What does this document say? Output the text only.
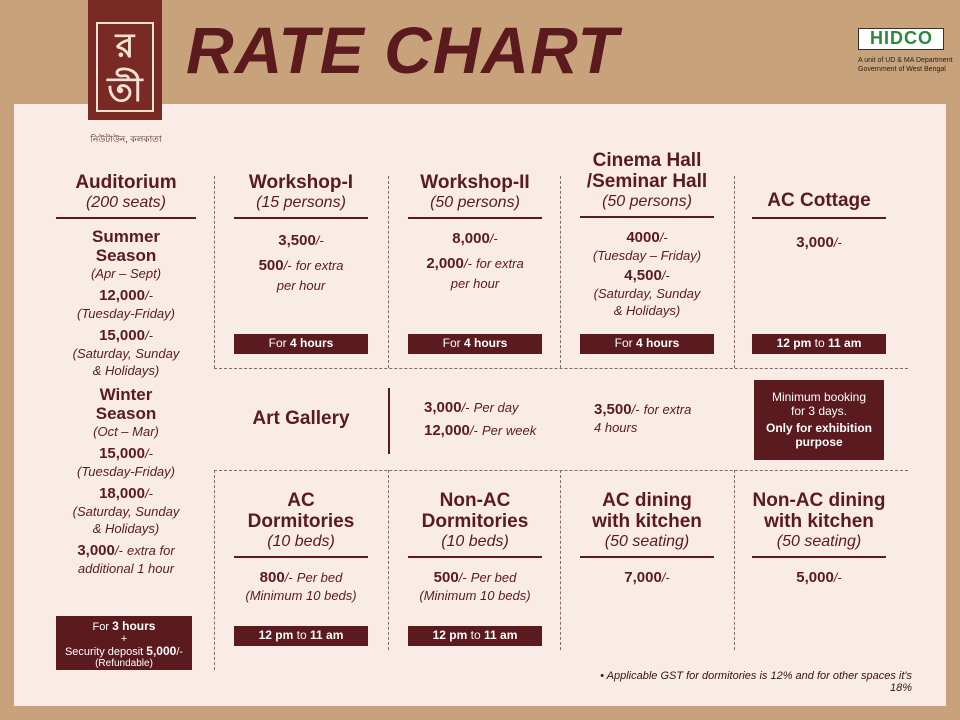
র
তী
নিউটাউন, কলকাতা
RATE CHART	HIDCO
A unit of UD & MA Department
Government of West Bengal
Auditorium
(200 seats)
Summer
Season
(Apr – Sept)
12,000/-
(Tuesday-Friday)
15,000/-
(Saturday, Sunday
& Holidays)
Winter
Season
(Oct – Mar)
15,000/-
(Tuesday-Friday)
18,000/-
(Saturday, Sunday
& Holidays)
3,000/- extra for
additional 1 hour
For 3 hours
+
Security deposit 5,000/-
(Refundable)
Workshop-I
(15 persons)
3,500/-
500/- for extra
per hour
For 4 hours
Workshop-II
(50 persons)
8,000/-
2,000/- for extra
per hour
For 4 hours
Cinema Hall
/Seminar Hall
(50 persons)
4000/-
(Tuesday – Friday)
4,500/-
(Saturday, Sunday
& Holidays)
For 4 hours
AC Cottage
3,000/-
12 pm to 11 am
Art Gallery
3,000/- Per day
12,000/- Per week
3,500/- for extra
4 hours
Minimum booking
for 3 days.
Only for exhibition
purpose
AC
Dormitories
(10 beds)
800/- Per bed
(Minimum 10 beds)
12 pm to 11 am
Non-AC
Dormitories
(10 beds)
500/- Per bed
(Minimum 10 beds)
12 pm to 11 am
AC dining
with kitchen
(50 seating)
7,000/-
Non-AC dining
with kitchen
(50 seating)
5,000/-
• Applicable GST for dormitories is 12% and for other spaces it's 18%
